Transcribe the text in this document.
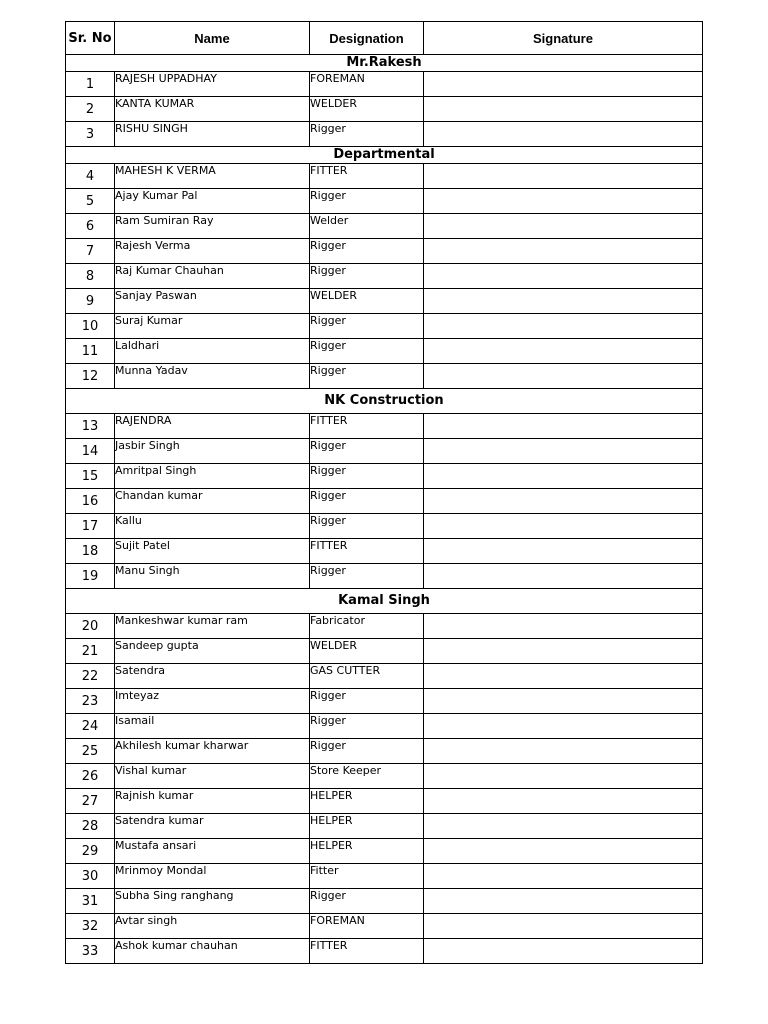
Sr. No	Name	Designation	Signature
Mr.Rakesh			
1	RAJESH UPPADHAY	FOREMAN	
2	KANTA KUMAR	WELDER	
3	RISHU SINGH	Rigger	
Departmental			
4	MAHESH K VERMA	FITTER	
5	Ajay Kumar Pal	Rigger	
6	Ram Sumiran Ray	Welder	
7	Rajesh Verma	Rigger	
8	Raj Kumar Chauhan	Rigger	
9	Sanjay Paswan	WELDER	
10	Suraj Kumar	Rigger	
11	Laldhari	Rigger	
12	Munna Yadav	Rigger	
NK Construction			
13	RAJENDRA	FITTER	
14	Jasbir Singh	Rigger	
15	Amritpal Singh	Rigger	
16	Chandan kumar	Rigger	
17	Kallu	Rigger	
18	Sujit Patel	FITTER	
19	Manu Singh	Rigger	
Kamal Singh			
20	Mankeshwar kumar ram	Fabricator	
21	Sandeep gupta	WELDER	
22	Satendra	GAS CUTTER	
23	Imteyaz	Rigger	
24	Isamail	Rigger	
25	Akhilesh kumar kharwar	Rigger	
26	Vishal kumar	Store Keeper	
27	Rajnish kumar	HELPER	
28	Satendra kumar	HELPER	
29	Mustafa ansari	HELPER	
30	Mrinmoy Mondal	Fitter	
31	Subha Sing ranghang	Rigger	
32	Avtar singh	FOREMAN	
33	Ashok kumar chauhan	FITTER	
